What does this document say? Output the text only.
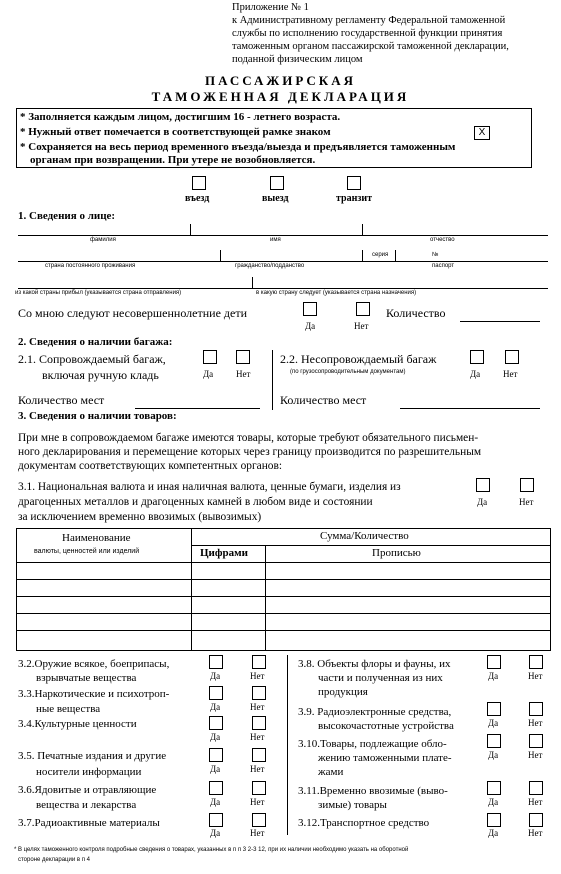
Приложение № 1
к Административному регламенту Федеральной таможенной
службы по исполнению государственной функции принятия
таможенным органом пассажирской таможенной декларации,
поданной физическим лицом
ПАССАЖИРСКАЯ
ТАМОЖЕННАЯ ДЕКЛАРАЦИЯ
* Заполняется каждым лицом, достигшим 16 - летнего возраста.
* Нужный ответ помечается в соответствующей рамке знаком	X
* Сохраняется на весь период временного въезда/выезда и предъявляется таможенным
органам при возвращении. При утере не возобновляется.
въезд	выезд	транзит
1. Сведения о лице:
фамилия	имя	отчество
серия	№
страна постоянного проживания	гражданство/подданство	паспорт
из какой страны прибыл (указывается страна отправления)	в какую страну следует (указывается страна назначения)
Со мною следуют несовершеннолетние дети
Да	Нет
Количество
2. Сведения о наличии багажа:
2.1. Сопровождаемый багаж,
включая ручную кладь	Да	Нет
2.2. Несопровождаемый багаж
(по грузосопроводительным документам)	Да	Нет
Количество мест	Количество мест
3. Сведения о наличии товаров:
При мне в сопровождаемом багаже имеются товары, которые требуют обязательного письмен-
ного декларирования и перемещение которых через границу производится по разрешительным
документам соответствующих компетентных органов:
3.1. Национальная валюта и иная наличная валюта, ценные бумаги, изделия из
драгоценных металлов и драгоценных камней в любом виде и состоянии
за исключением временно ввозимых (вывозимых)
Да	Нет
Наименование
валюты, ценностей или изделий
Сумма/Количество
Цифрами	Прописью
3.2.Оружие всякое, боеприпасы,
взрывчатые вещества	Да	Нет
3.3.Наркотические и психотроп-
ные вещества	Да	Нет
3.4.Культурные ценности
Да	Нет
3.5. Печатные издания и другие
носители информации	Да	Нет
3.6.Ядовитые и отравляющие
вещества и лекарства	Да	Нет
3.7.Радиоактивные материалы
Да	Нет
3.8. Объекты флоры и фауны, их
части и полученная из них
продукция
Да	Нет
3.9. Радиоэлектронные средства,
высокочастотные устройства	Да	Нет
3.10.Товары, подлежащие обло-
жению таможенными плате-
жами
Да	Нет
3.11.Временно ввозимые (выво-
зимые) товары	Да	Нет
3.12.Транспортное средство
Да	Нет
* В целях таможенного контроля подробные сведения о товарах, указанных в п п 3 2-3 12, при их наличии необходимо указать на оборотной
стороне декларации в п 4
